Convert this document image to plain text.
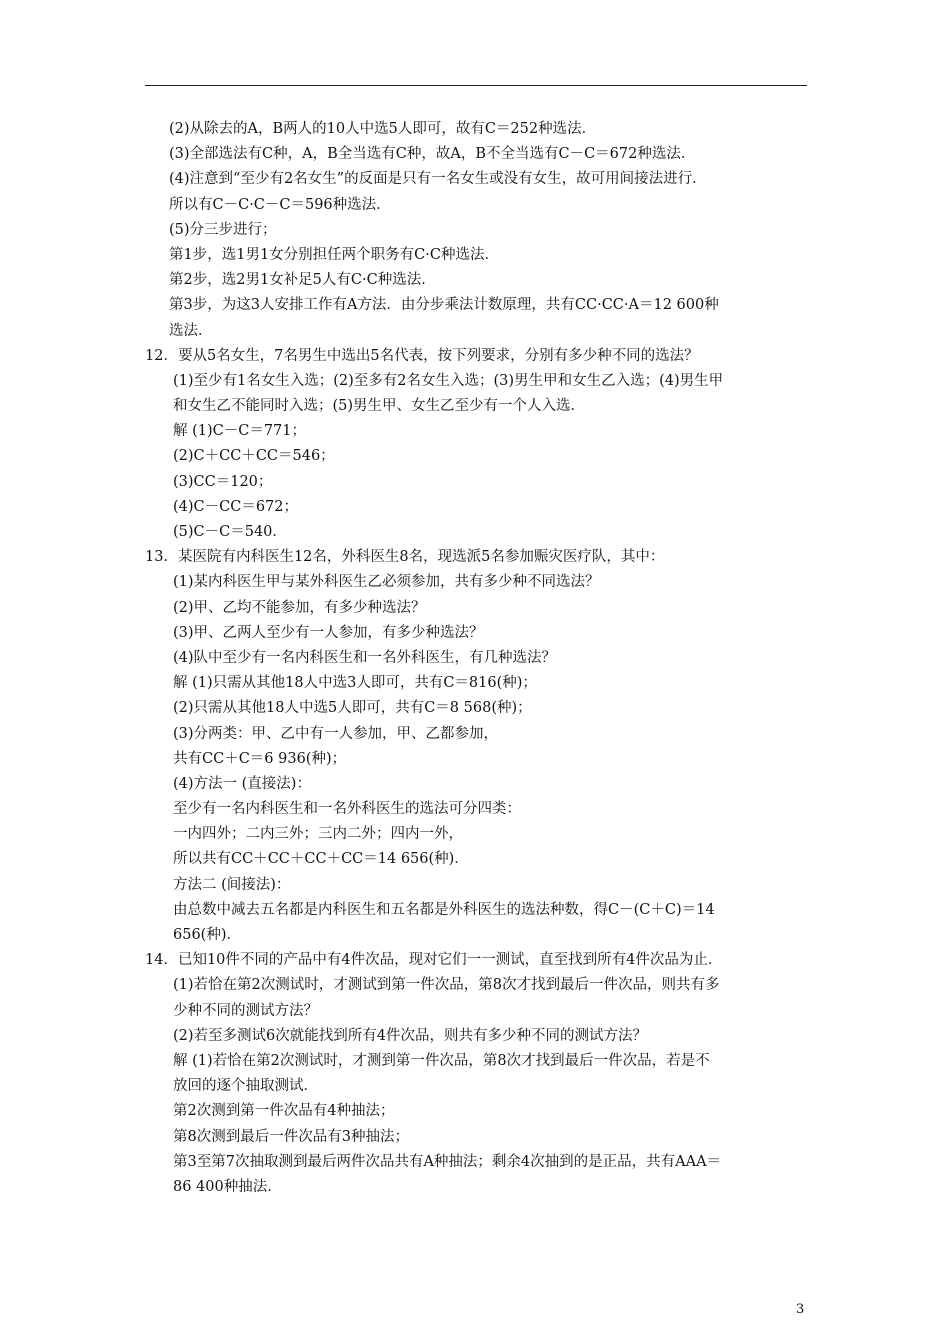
(2)从除去的A，B两人的10人中选5人即可，故有C＝252种选法．
(3)全部选法有C种，A，B全当选有C种，故A，B不全当选有C－C＝672种选法．
(4)注意到“至少有2名女生”的反面是只有一名女生或没有女生，故可用间接法进行．
所以有C－C·C－C＝596种选法．
(5)分三步进行；
第1步，选1男1女分别担任两个职务有C·C种选法．
第2步，选2男1女补足5人有C·C种选法．
第3步，为这3人安排工作有A方法．由分步乘法计数原理，共有CC·CC·A＝12 600种
选法．
12．要从5名女生，7名男生中选出5名代表，按下列要求，分别有多少种不同的选法？
(1)至少有1名女生入选；(2)至多有2名女生入选；(3)男生甲和女生乙入选；(4)男生甲
和女生乙不能同时入选；(5)男生甲、女生乙至少有一个人入选．
解 (1)C－C＝771；
(2)C＋CC＋CC＝546；
(3)CC＝120；
(4)C－CC＝672；
(5)C－C＝540．
13．某医院有内科医生12名，外科医生8名，现选派5名参加赈灾医疗队，其中：
(1)某内科医生甲与某外科医生乙必须参加，共有多少种不同选法？
(2)甲、乙均不能参加，有多少种选法？
(3)甲、乙两人至少有一人参加，有多少种选法？
(4)队中至少有一名内科医生和一名外科医生，有几种选法？
解 (1)只需从其他18人中选3人即可，共有C＝816(种)；
(2)只需从其他18人中选5人即可，共有C＝8 568(种)；
(3)分两类：甲、乙中有一人参加，甲、乙都参加，
共有CC＋C＝6 936(种)；
(4)方法一 (直接法)：
至少有一名内科医生和一名外科医生的选法可分四类：
一内四外；二内三外；三内二外；四内一外，
所以共有CC＋CC＋CC＋CC＝14 656(种)．
方法二 (间接法)：
由总数中减去五名都是内科医生和五名都是外科医生的选法种数，得C－(C＋C)＝14
656(种)．
14．已知10件不同的产品中有4件次品，现对它们一一测试，直至找到所有4件次品为止．
(1)若恰在第2次测试时，才测试到第一件次品，第8次才找到最后一件次品，则共有多
少种不同的测试方法？
(2)若至多测试6次就能找到所有4件次品，则共有多少种不同的测试方法？
解 (1)若恰在第2次测试时，才测到第一件次品，第8次才找到最后一件次品，若是不
放回的逐个抽取测试．
第2次测到第一件次品有4种抽法；
第8次测到最后一件次品有3种抽法；
第3至第7次抽取测到最后两件次品共有A种抽法；剩余4次抽到的是正品，共有AAA＝
86 400种抽法．
3
